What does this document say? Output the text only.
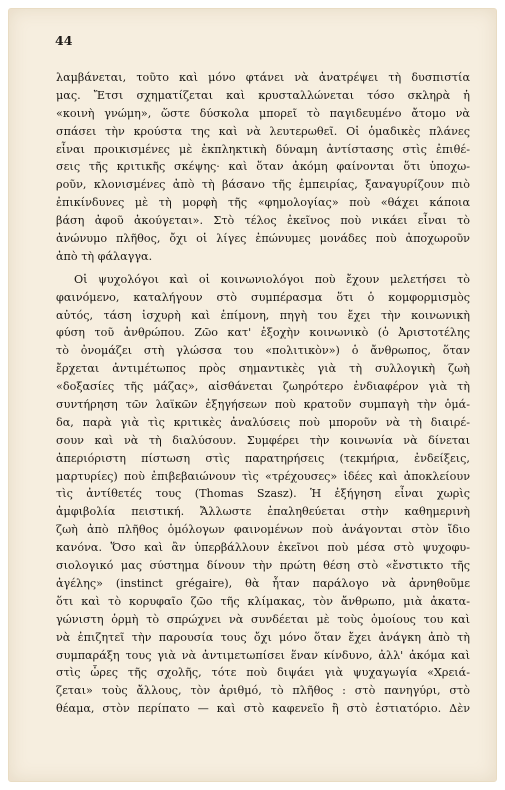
44
λαμβάνεται, τοῦτο καὶ μόνο φτάνει νὰ ἀνατρέψει τὴ δυσπιστία
μας. Ἔτσι σχηματίζεται καὶ κρυσταλλώνεται τόσο σκληρὰ ἡ
«κοινὴ γνώμη», ὥστε δύσκολα μπορεῖ τὸ παγιδευμένο ἄτομο νὰ
σπάσει τὴν κρούστα της καὶ νὰ λευτερωθεῖ. Οἱ ὁμαδικὲς πλάνες
εἶναι προικισμένες μὲ ἐκπληκτικὴ δύναμη ἀντίστασης στὶς ἐπιθέ-
σεις τῆς κριτικῆς σκέψης· καὶ ὅταν ἀκόμη φαίνονται ὅτι ὑποχω-
ροῦν, κλονισμένες ἀπὸ τὴ βάσανο τῆς ἐμπειρίας, ξαναγυρίζουν πιὸ
ἐπικίνδυνες μὲ τὴ μορφὴ τῆς «φημολογίας» ποὺ «θάχει κάποια
βάση ἀφοῦ ἀκούγεται». Στὸ τέλος ἐκεῖνος ποὺ νικάει εἶναι τὸ
ἀνώνυμο πλῆθος, ὄχι οἱ λίγες ἐπώνυμες μονάδες ποὺ ἀποχωροῦν
ἀπὸ τὴ φάλαγγα.
Οἱ ψυχολόγοι καὶ οἱ κοινωνιολόγοι ποὺ ἔχουν μελετήσει τὸ
φαινόμενο, καταλήγουν στὸ συμπέρασμα ὅτι ὁ κομφορμισμὸς
αὐτός, τάση ἰσχυρὴ καὶ ἐπίμονη, πηγὴ του ἔχει τὴν κοινωνικὴ
φύση τοῦ ἀνθρώπου. Ζῶο κατ' ἐξοχὴν κοινωνικὸ (ὁ Ἀριστοτέλης
τὸ ὀνομάζει στὴ γλώσσα του «πολιτικὸν») ὁ ἄνθρωπος, ὅταν
ἔρχεται ἀντιμέτωπος πρὸς σημαντικὲς γιὰ τὴ συλλογικὴ ζωὴ
«δοξασίες τῆς μάζας», αἰσθάνεται ζωηρότερο ἐνδιαφέρον γιὰ τὴ
συντήρηση τῶν λαϊκῶν ἐξηγήσεων ποὺ κρατοῦν συμπαγὴ τὴν ὁμά-
δα, παρὰ γιὰ τὶς κριτικὲς ἀναλύσεις ποὺ μποροῦν νὰ τὴ διαιρέ-
σουν καὶ νὰ τὴ διαλύσουν. Συμφέρει τὴν κοινωνία νὰ δίνεται
ἀπεριόριστη πίστωση στὶς παρατηρήσεις (τεκμήρια, ἐνδείξεις,
μαρτυρίες) ποὺ ἐπιβεβαιώνουν τὶς «τρέχουσες» ἰδέες καὶ ἀποκλείουν
τὶς ἀντίθετές τους (Thomas Szasz). Ἡ ἐξήγηση εἶναι χωρὶς
ἀμφιβολία πειστική. Ἄλλωστε ἐπαληθεύεται στὴν καθημερινὴ
ζωὴ ἀπὸ πλῆθος ὁμόλογων φαινομένων ποὺ ἀνάγονται στὸν ἴδιο
κανόνα. Ὅσο καὶ ἂν ὑπερβάλλουν ἐκεῖνοι ποὺ μέσα στὸ ψυχοφυ-
σιολογικό μας σύστημα δίνουν τὴν πρώτη θέση στὸ «ἔνστικτο τῆς
ἀγέλης» (instinct grégaire), θὰ ἦταν παράλογο νὰ ἀρνηθοῦμε
ὅτι καὶ τὸ κορυφαῖο ζῶο τῆς κλίμακας, τὸν ἄνθρωπο, μιὰ ἀκατα-
γώνιστη ὁρμὴ τὸ σπρώχνει νὰ συνδέεται μὲ τοὺς ὁμοίους του καὶ
νὰ ἐπιζητεῖ τὴν παρουσία τους ὄχι μόνο ὅταν ἔχει ἀνάγκη ἀπὸ τὴ
συμπαράξη τους γιὰ νὰ ἀντιμετωπίσει ἕναν κίνδυνο, ἀλλ' ἀκόμα καὶ
στὶς ὧρες τῆς σχολῆς, τότε ποὺ διψάει γιὰ ψυχαγωγία «Χρειά-
ζεται» τοὺς ἄλλους, τὸν ἀριθμό, τὸ πλῆθος : στὸ πανηγύρι, στὸ
θέαμα, στὸν περίπατο — καὶ στὸ καφενεῖο ἢ στὸ ἑστιατόριο. Δὲν
